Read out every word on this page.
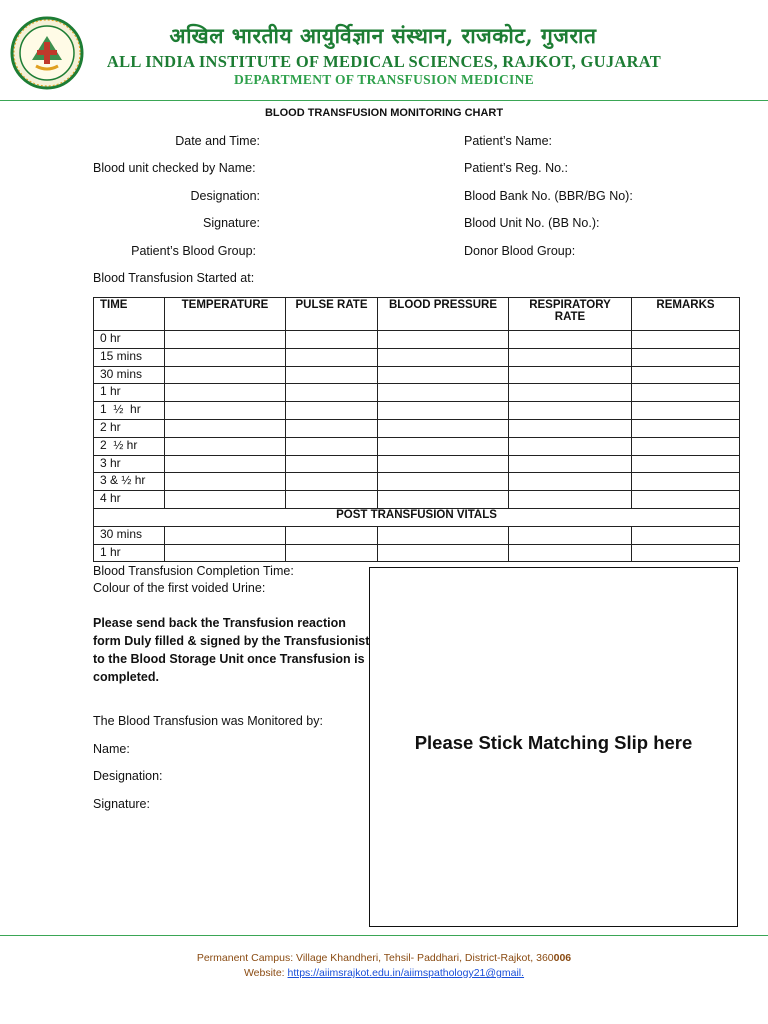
अखिल भारतीय आयुर्विज्ञान संस्थान, राजकोट, गुजरात
ALL INDIA INSTITUTE OF MEDICAL SCIENCES, RAJKOT, GUJARAT
DEPARTMENT OF TRANSFUSION MEDICINE
BLOOD TRANSFUSION MONITORING CHART
Date and Time:
Blood unit checked by Name:
Designation:
Signature:
Patient’s Blood Group:
Blood Transfusion Started at:
Patient’s Name:
Patient’s Reg. No.:
Blood Bank No. (BBR/BG No):
Blood Unit No. (BB No.):
Donor Blood Group:
TIME	TEMPERATURE	PULSE RATE	BLOOD PRESSURE	RESPIRATORY RATE	REMARKS
0 hr					
15 mins					
30 mins					
1 hr					
1  ½  hr					
2 hr					
2  ½ hr					
3 hr					
3 & ½ hr					
4 hr					
POST TRANSFUSION VITALS					
30 mins					
1 hr					
Blood Transfusion Completion Time:
Colour of the first voided Urine:
Please send back the Transfusion reaction form Duly filled & signed by the Transfusionist to the Blood Storage Unit once Transfusion is completed.
The Blood Transfusion was Monitored by:
Name:
Designation:
Signature:
Please Stick Matching Slip here
Permanent Campus: Village Khandheri, Tehsil- Paddhari, District-Rajkot, 360006
Website: https://aiimsrajkot.edu.in/aiimspathology21@gmail.
